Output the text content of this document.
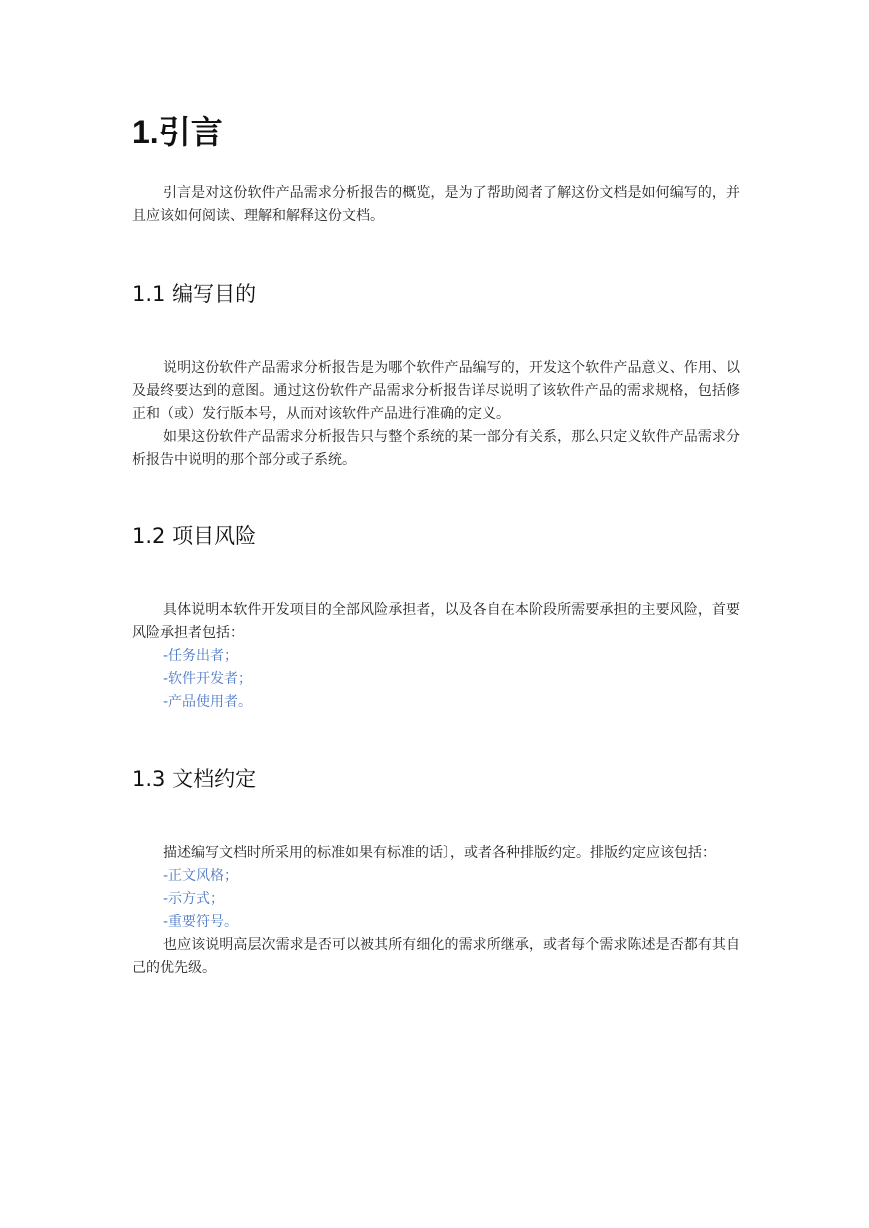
1.引言

引言是对这份软件产品需求分析报告的概览，是为了帮助阅者了解这份文档是如何编写的，并且应该如何阅读、理解和解释这份文档。

1.1 编写目的

说明这份软件产品需求分析报告是为哪个软件产品编写的，开发这个软件产品意义、作用、以及最终要达到的意图。通过这份软件产品需求分析报告详尽说明了该软件产品的需求规格，包括修正和（或）发行版本号，从而对该软件产品进行准确的定义。

如果这份软件产品需求分析报告只与整个系统的某一部分有关系，那么只定义软件产品需求分析报告中说明的那个部分或子系统。

1.2 项目风险

具体说明本软件开发项目的全部风险承担者，以及各自在本阶段所需要承担的主要风险，首要风险承担者包括：

-任务出者；

-软件开发者；

-产品使用者。

1.3 文档约定

描述编写文档时所采用的标准如果有标准的话〕，或者各种排版约定。排版约定应该包括：

-正文风格；

-示方式；

-重要符号。

也应该说明高层次需求是否可以被其所有细化的需求所继承，或者每个需求陈述是否都有其自己的优先级。
